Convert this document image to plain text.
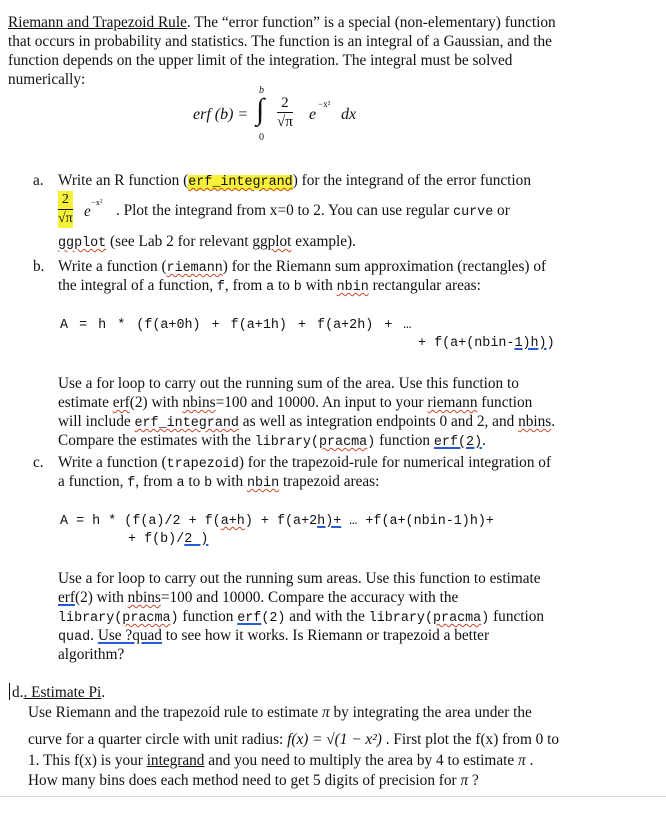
Riemann and Trapezoid Rule. The “error function” is a special (non-elementary) function
that occurs in probability and statistics. The function is an integral of a Gaussian, and the
function depends on the upper limit of the integration. The integral must be solved
numerically:
erf (b) =
b
∫
0
$\frac{2}{√\pi}$ e
−x²
dx
a. Write an R function (erf_integrand) for the integrand of the error function
$\frac{2}{√\pi}$ e
−x² . Plot the integrand from x=0 to 2. You can use regular curve or
ggplot (see Lab 2 for relevant ggplot example).
b. Write a function (riemann) for the Riemann sum approximation (rectangles) of
the integral of a function, f, from a to b with nbin rectangular areas:
A = h * (f(a+0h) + f(a+1h) + f(a+2h) + …
+ f(a+(nbin-1)h))
Use a for loop to carry out the running sum of the area. Use this function to
estimate erf(2) with nbins=100 and 10000. An input to your riemann function
will include erf_integrand as well as integration endpoints 0 and 2, and nbins.
Compare the estimates with the library(pracma) function erf(2).
c. Write a function (trapezoid) for the trapezoid-rule for numerical integration of
a function, f, from a to b with nbin trapezoid areas:
A = h * (f(a)/2 + f(a+h) + f(a+2h)+ … +f(a+(nbin-1)h)+
+ f(b)/2 )
Use a for loop to carry out the running sum areas. Use this function to estimate
erf(2) with nbins=100 and 10000. Compare the accuracy with the
library(pracma) function erf(2) and with the library(pracma) function
quad. Use ?quad to see how it works. Is Riemann or trapezoid a better
algorithm?
d.. Estimate Pi.
Use Riemann and the trapezoid rule to estimate π by integrating the area under the
curve for a quarter circle with unit radius: f(x) = √(1 − x²) . First plot the f(x) from 0 to
1. This f(x) is your integrand and you need to multiply the area by 4 to estimate π .
How many bins does each method need to get 5 digits of precision for π ?
